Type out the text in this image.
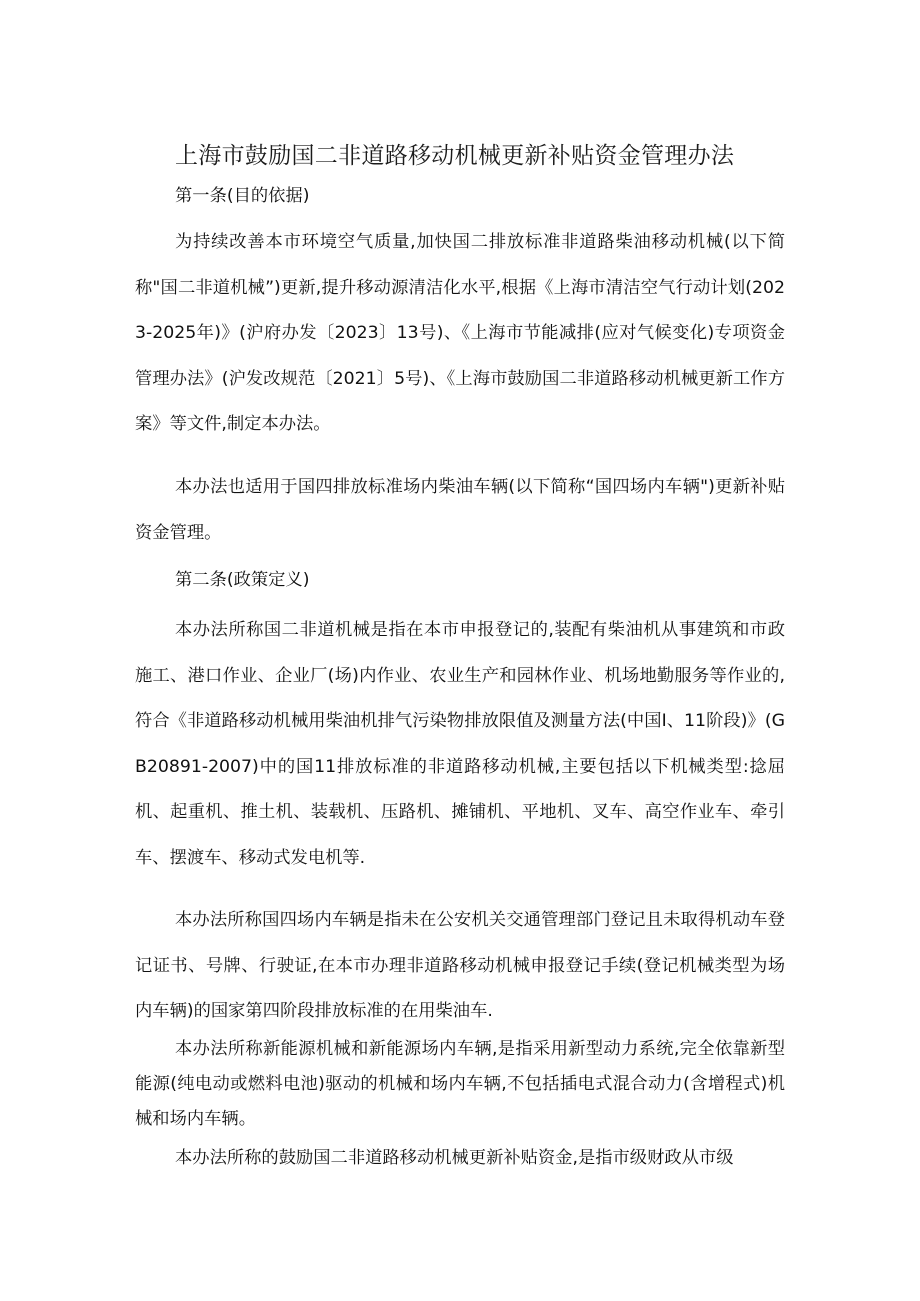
上海市鼓励国二非道路移动机械更新补贴资金管理办法
第一条(目的依据)

为持续改善本市环境空气质量,加快国二排放标准非道路柴油移动机械(以下简称"国二非道机械”)更新,提升移动源清洁化水平,根据《上海市清洁空气行动计划(2023-2025年)》(沪府办发〔2023〕13号)、《上海市节能减排(应对气候变化)专项资金管理办法》(沪发改规范〔2021〕5号)、《上海市鼓励国二非道路移动机械更新工作方案》等文件,制定本办法。

本办法也适用于国四排放标准场内柴油车辆(以下简称“国四场内车辆")更新补贴资金管理。

第二条(政策定义)

本办法所称国二非道机械是指在本市申报登记的,装配有柴油机从事建筑和市政施工、港口作业、企业厂(场)内作业、农业生产和园林作业、机场地勤服务等作业的,符合《非道路移动机械用柴油机排气污染物排放限值及测量方法(中国I、11阶段)》(GB20891-2007)中的国11排放标准的非道路移动机械,主要包括以下机械类型:捻屈机、起重机、推土机、装载机、压路机、摊铺机、平地机、叉车、高空作业车、牵引车、摆渡车、移动式发电机等.

本办法所称国四场内车辆是指未在公安机关交通管理部门登记且未取得机动车登记证书、号牌、行驶证,在本市办理非道路移动机械申报登记手续(登记机械类型为场内车辆)的国家第四阶段排放标准的在用柴油车.

本办法所称新能源机械和新能源场内车辆,是指采用新型动力系统,完全依靠新型能源(纯电动或燃料电池)驱动的机械和场内车辆,不包括插电式混合动力(含增程式)机械和场内车辆。

本办法所称的鼓励国二非道路移动机械更新补贴资金,是指市级财政从市级
